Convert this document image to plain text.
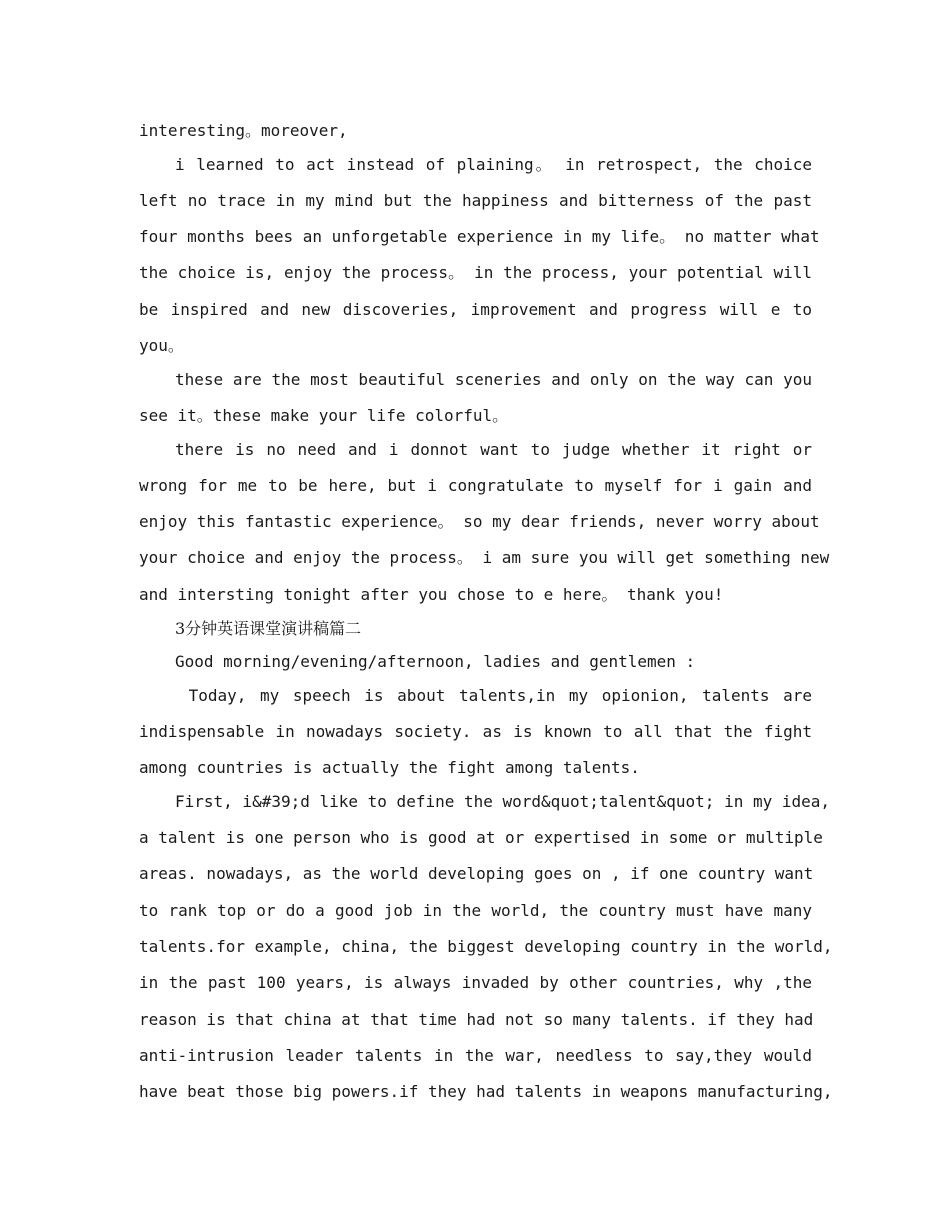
interesting。moreover,
i learned to act instead of plaining。 in retrospect, the choice
left no trace in my mind but the happiness and bitterness of the past
four months bees an unforgetable experience in my life。 no matter what
the choice is, enjoy the process。 in the process, your potential will
be inspired and new discoveries, improvement and progress will e to
you。
these are the most beautiful sceneries and only on the way can you
see it。these make your life colorful。
there is no need and i donnot want to judge whether it right or
wrong for me to be here, but i congratulate to myself for i gain and
enjoy this fantastic experience。 so my dear friends, never worry about
your choice and enjoy the process。 i am sure you will get something new
and intersting tonight after you chose to e here。 thank you!
3分钟英语课堂演讲稿篇二
Good morning/evening/afternoon, ladies and gentlemen :
Today, my speech is about talents,in my opionion, talents are
indispensable in nowadays society. as is known to all that the fight
among countries is actually the fight among talents.
First, i&#39;d like to define the word&quot;talent&quot; in my idea,
a talent is one person who is good at or expertised in some or multiple
areas. nowadays, as the world developing goes on , if one country want
to rank top or do a good job in the world, the country must have many
talents.for example, china, the biggest developing country in the world,
in the past 100 years, is always invaded by other countries, why ,the
reason is that china at that time had not so many talents. if they had
anti-intrusion leader talents in the war, needless to say,they would
have beat those big powers.if they had talents in weapons manufacturing,
